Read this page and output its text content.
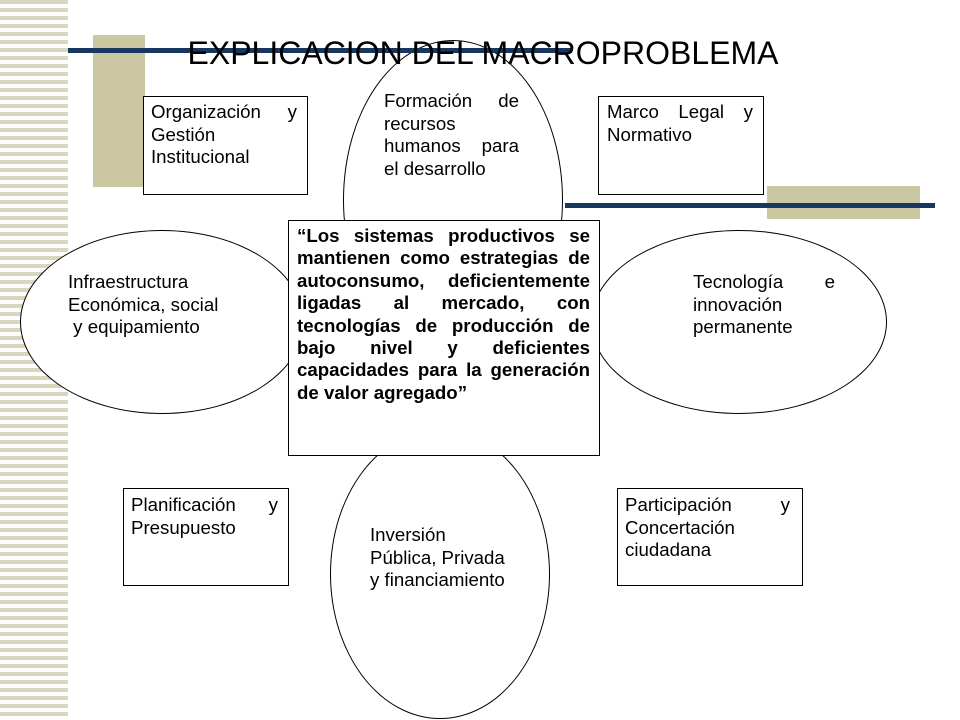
Formación de
recursos
humanos para
el desarrollo
Infraestructura
Económica, social
y equipamiento
Tecnología e
innovación
permanente
Inversión
Pública, Privada
y financiamiento
EXPLICACION DEL MACROPROBLEMA
Organización y
Gestión
Institucional
Marco Legal y
Normativo
Planificación y
Presupuesto
Participación y
Concertación
ciudadana
“Los sistemas productivos se
mantienen como estrategias de
autoconsumo, deficientemente
ligadas al mercado, con
tecnologías de producción de
bajo nivel y deficientes
capacidades para la generación
de valor agregado”
